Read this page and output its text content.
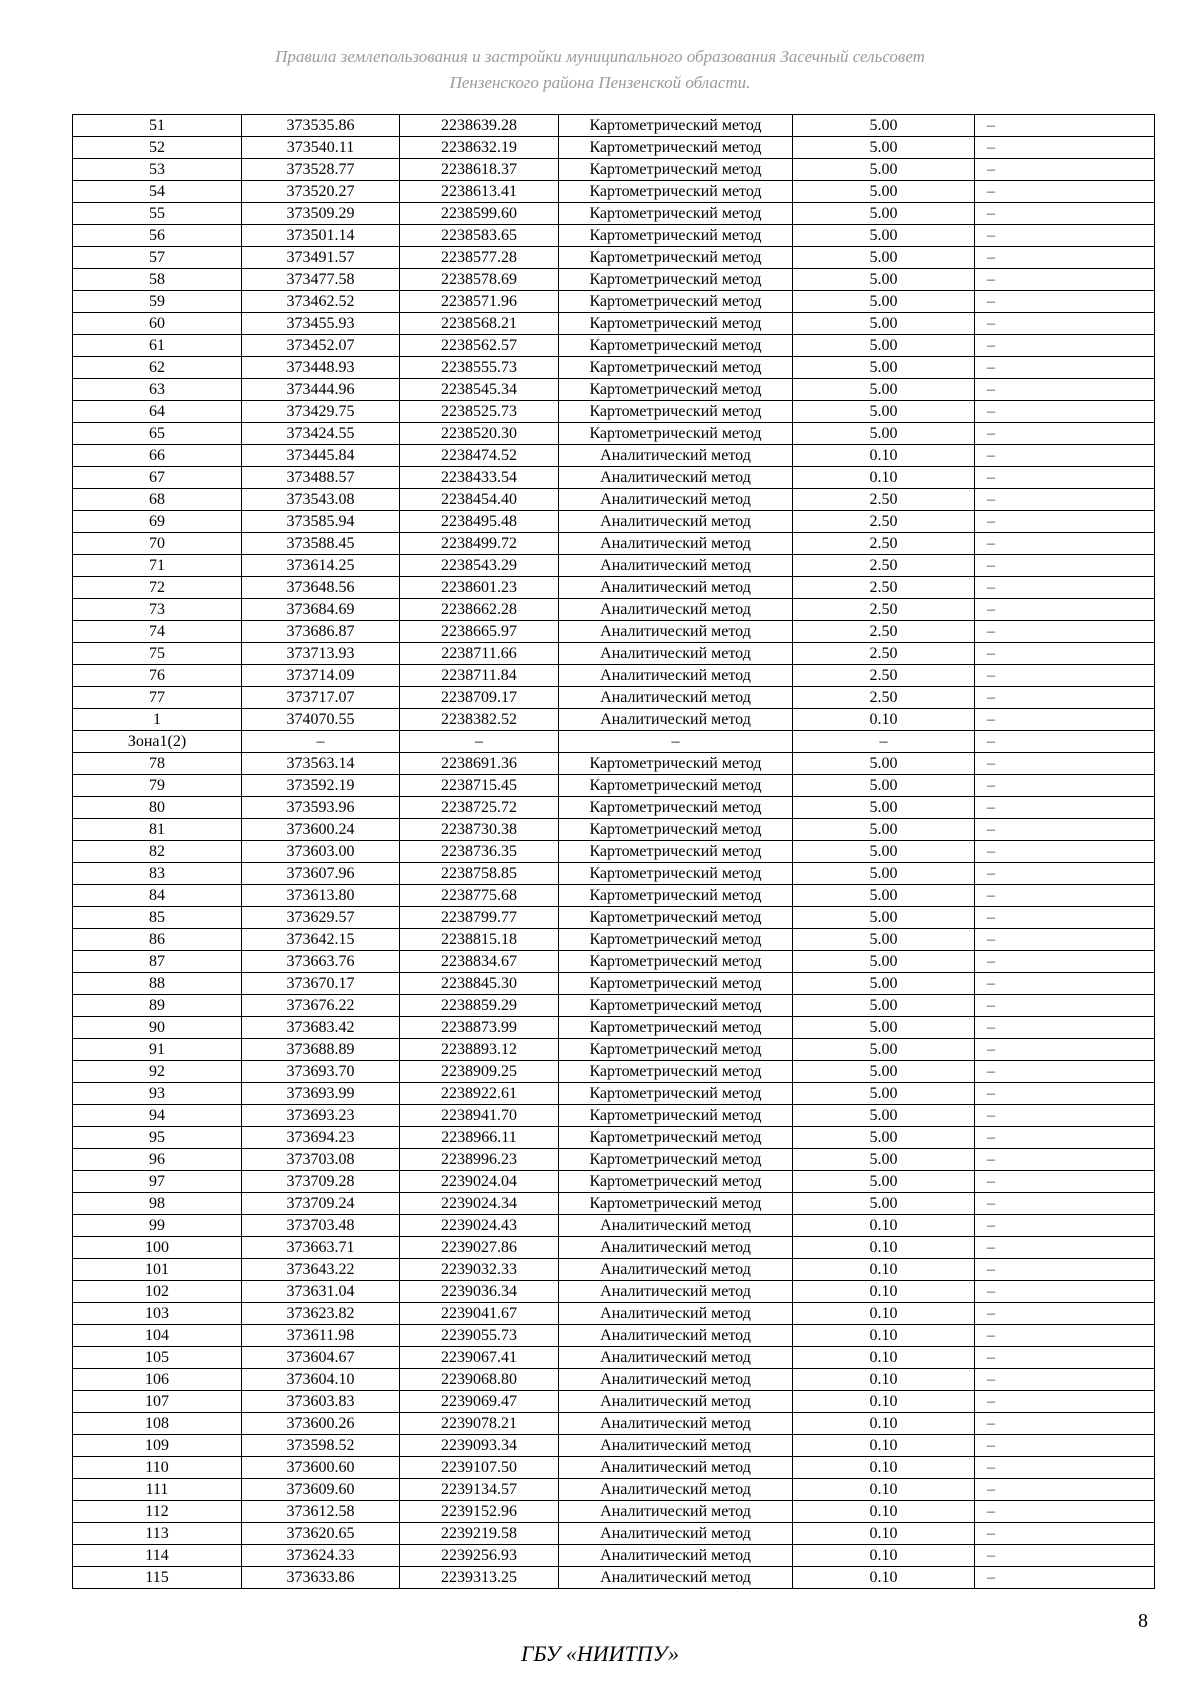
Правила землепользования и застройки муниципального образования Засечный сельсовет
Пензенского района Пензенской области.
51	373535.86	2238639.28	Картометрический метод	5.00	–
52	373540.11	2238632.19	Картометрический метод	5.00	–
53	373528.77	2238618.37	Картометрический метод	5.00	–
54	373520.27	2238613.41	Картометрический метод	5.00	–
55	373509.29	2238599.60	Картометрический метод	5.00	–
56	373501.14	2238583.65	Картометрический метод	5.00	–
57	373491.57	2238577.28	Картометрический метод	5.00	–
58	373477.58	2238578.69	Картометрический метод	5.00	–
59	373462.52	2238571.96	Картометрический метод	5.00	–
60	373455.93	2238568.21	Картометрический метод	5.00	–
61	373452.07	2238562.57	Картометрический метод	5.00	–
62	373448.93	2238555.73	Картометрический метод	5.00	–
63	373444.96	2238545.34	Картометрический метод	5.00	–
64	373429.75	2238525.73	Картометрический метод	5.00	–
65	373424.55	2238520.30	Картометрический метод	5.00	–
66	373445.84	2238474.52	Аналитический метод	0.10	–
67	373488.57	2238433.54	Аналитический метод	0.10	–
68	373543.08	2238454.40	Аналитический метод	2.50	–
69	373585.94	2238495.48	Аналитический метод	2.50	–
70	373588.45	2238499.72	Аналитический метод	2.50	–
71	373614.25	2238543.29	Аналитический метод	2.50	–
72	373648.56	2238601.23	Аналитический метод	2.50	–
73	373684.69	2238662.28	Аналитический метод	2.50	–
74	373686.87	2238665.97	Аналитический метод	2.50	–
75	373713.93	2238711.66	Аналитический метод	2.50	–
76	373714.09	2238711.84	Аналитический метод	2.50	–
77	373717.07	2238709.17	Аналитический метод	2.50	–
1	374070.55	2238382.52	Аналитический метод	0.10	–
Зона1(2)	–	–	–	–	–
78	373563.14	2238691.36	Картометрический метод	5.00	–
79	373592.19	2238715.45	Картометрический метод	5.00	–
80	373593.96	2238725.72	Картометрический метод	5.00	–
81	373600.24	2238730.38	Картометрический метод	5.00	–
82	373603.00	2238736.35	Картометрический метод	5.00	–
83	373607.96	2238758.85	Картометрический метод	5.00	–
84	373613.80	2238775.68	Картометрический метод	5.00	–
85	373629.57	2238799.77	Картометрический метод	5.00	–
86	373642.15	2238815.18	Картометрический метод	5.00	–
87	373663.76	2238834.67	Картометрический метод	5.00	–
88	373670.17	2238845.30	Картометрический метод	5.00	–
89	373676.22	2238859.29	Картометрический метод	5.00	–
90	373683.42	2238873.99	Картометрический метод	5.00	–
91	373688.89	2238893.12	Картометрический метод	5.00	–
92	373693.70	2238909.25	Картометрический метод	5.00	–
93	373693.99	2238922.61	Картометрический метод	5.00	–
94	373693.23	2238941.70	Картометрический метод	5.00	–
95	373694.23	2238966.11	Картометрический метод	5.00	–
96	373703.08	2238996.23	Картометрический метод	5.00	–
97	373709.28	2239024.04	Картометрический метод	5.00	–
98	373709.24	2239024.34	Картометрический метод	5.00	–
99	373703.48	2239024.43	Аналитический метод	0.10	–
100	373663.71	2239027.86	Аналитический метод	0.10	–
101	373643.22	2239032.33	Аналитический метод	0.10	–
102	373631.04	2239036.34	Аналитический метод	0.10	–
103	373623.82	2239041.67	Аналитический метод	0.10	–
104	373611.98	2239055.73	Аналитический метод	0.10	–
105	373604.67	2239067.41	Аналитический метод	0.10	–
106	373604.10	2239068.80	Аналитический метод	0.10	–
107	373603.83	2239069.47	Аналитический метод	0.10	–
108	373600.26	2239078.21	Аналитический метод	0.10	–
109	373598.52	2239093.34	Аналитический метод	0.10	–
110	373600.60	2239107.50	Аналитический метод	0.10	–
111	373609.60	2239134.57	Аналитический метод	0.10	–
112	373612.58	2239152.96	Аналитический метод	0.10	–
113	373620.65	2239219.58	Аналитический метод	0.10	–
114	373624.33	2239256.93	Аналитический метод	0.10	–
115	373633.86	2239313.25	Аналитический метод	0.10	–
8
ГБУ «НИИТПУ»
